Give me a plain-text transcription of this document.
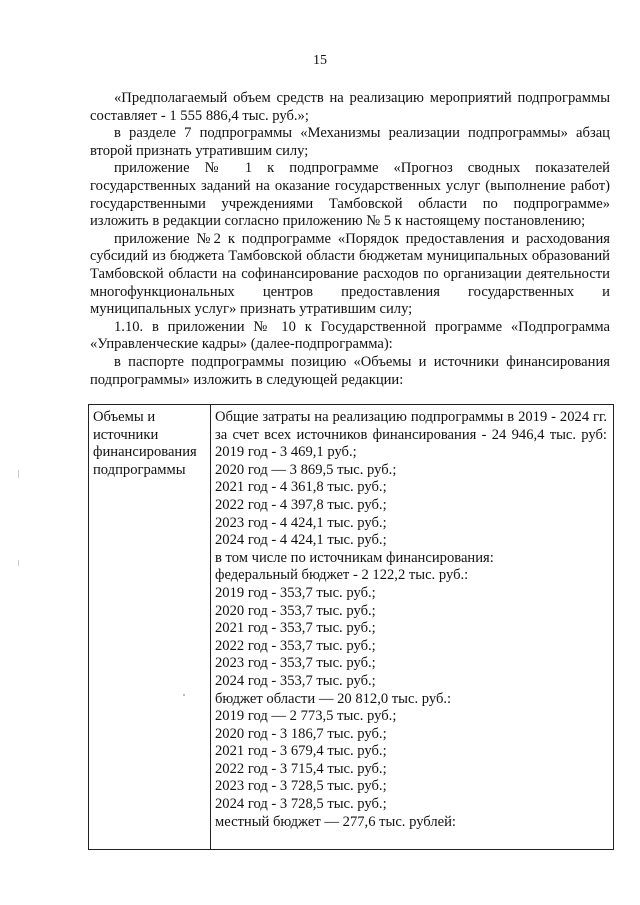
15

«Предполагаемый объем средств на реализацию мероприятий подпрограммы составляет - 1 555 886,4 тыс. руб.»;

в разделе 7 подпрограммы «Механизмы реализации подпрограммы» абзац второй признать утратившим силу;

приложение № 1 к подпрограмме «Прогноз сводных показателей государственных заданий на оказание государственных услуг (выполнение работ) государственными учреждениями Тамбовской области по подпрограмме» изложить в редакции согласно приложению № 5 к настоящему постановлению;

приложение №2 к подпрограмме «Порядок предоставления и расходования субсидий из бюджета Тамбовской области бюджетам муниципальных образований Тамбовской области на софинансирование расходов по организации деятельности многофункциональных центров предоставления государственных и муниципальных услуг» признать утратившим силу;

1.10. в приложении № 10 к Государственной программе «Подпрограмма «Управленческие кадры» (далее-подпрограмма):

в паспорте подпрограммы позицию «Объемы и источники финансирования подпрограммы» изложить в следующей редакции:

Объемы и источники финансирования подпрограммы
Общие затраты на реализацию подпрограммы в 2019 - 2024 гг. за счет всех источников финансирования - 24 946,4 тыс. руб:
2019 год - 3 469,1 руб.;
2020 год — 3 869,5 тыс. руб.;
2021 год - 4 361,8 тыс. руб.;
2022 год - 4 397,8 тыс. руб.;
2023 год - 4 424,1 тыс. руб.;
2024 год - 4 424,1 тыс. руб.;
в том числе по источникам финансирования:
федеральный бюджет - 2 122,2 тыс. руб.:
2019 год - 353,7 тыс. руб.;
2020 год - 353,7 тыс. руб.;
2021 год - 353,7 тыс. руб.;
2022 год - 353,7 тыс. руб.;
2023 год - 353,7 тыс. руб.;
2024 год - 353,7 тыс. руб.;
бюджет области — 20 812,0 тыс. руб.:
2019 год — 2 773,5 тыс. руб.;
2020 год - 3 186,7 тыс. руб.;
2021 год - 3 679,4 тыс. руб.;
2022 год - 3 715,4 тыс. руб.;
2023 год - 3 728,5 тыс. руб.;
2024 год - 3 728,5 тыс. руб.;
местный бюджет — 277,6 тыс. рублей:
